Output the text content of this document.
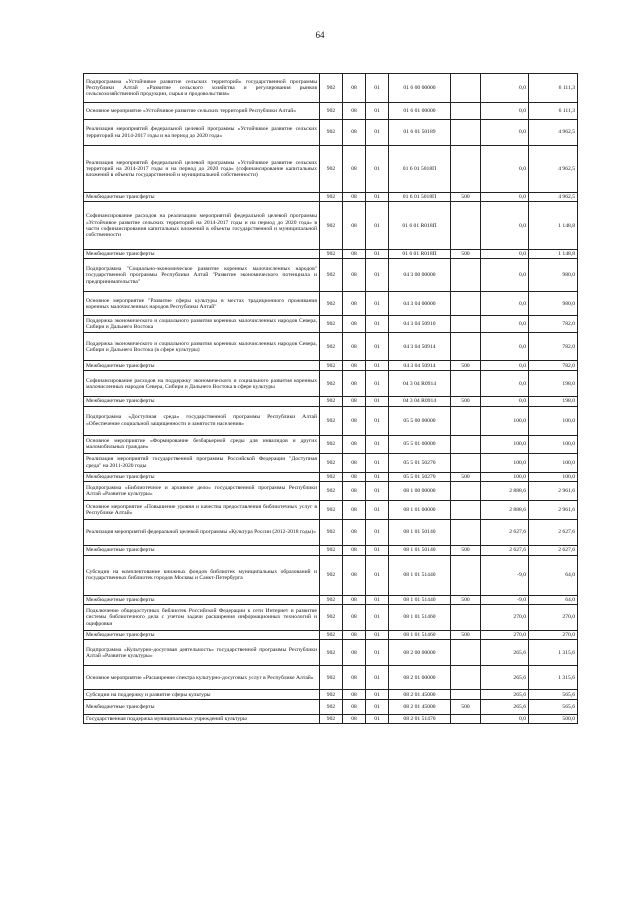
64
Подпрограмма «Устойчивое развитие сельских территорий» государственной программы Республики Алтай «Развитие сельского хозяйства и регулирования рынков сельскохозяйственной продукции, сырья и продовольствия»	902	08	01	01 6 00 00000		0,0	6 111,3
Основное мероприятие «Устойчивое развитие сельских территорий Республики Алтай»	902	08	01	01 6 01 00000		0,0	6 111,3
Реализация мероприятий федеральной целевой программы «Устойчивое развитие сельских территорий на 2014-2017 годы и на период до 2020 года»	902	08	01	01 6 01 50189		0,0	4 962,5
Реализация мероприятий федеральной целевой программы «Устойчивое развитие сельских территорий на 2014-2017 годы и на период до 2020 года» (софинансирование капитальных вложений в объекты государственной и муниципальной собственности)	902	08	01	01 6 01 5018П		0,0	4 962,5
Межбюджетные трансферты	902	08	01	01 6 01 5018П	500	0,0	4 962,5
Софинансирование расходов на реализацию мероприятий федеральной целевой программы «Устойчивое развитие сельских территорий на 2014-2017 годы и на период до 2020 года» в части софинансирования капитальных вложений в объекты государственной и муниципальной собственности	902	08	01	01 6 01 R018П		0,0	1 148,8
Межбюджетные трансферты	902	08	01	01 6 01 R018П	500	0,0	1 148,8
Подпрограмма "Социально-экономическое развитие коренных малочисленных народов" государственной программы Республики Алтай "Развитие экономического потенциала и предпринимательства"	902	08	01	04 3 00 00000		0,0	980,0
Основное мероприятие "Развитие сферы культуры в местах традиционного проживания коренных малочисленных народов Республики Алтай"	902	08	01	04 3 04 00000		0,0	980,0
Поддержка экономического и социального развития коренных малочисленных народов Севера, Сибири и Дальнего Востока	902	08	01	04 3 04 50910		0,0	782,0
Поддержка экономического и социального развития коренных малочисленных народов Севера, Сибири и Дальнего Востока (в сфере культуры)	902	08	01	04 3 04 50914		0,0	782,0
Межбюджетные трансферты	902	08	01	04 3 04 50914	500	0,0	782,0
Софинансирование расходов на поддержку экономического и социального развития коренных малочисленных народов Севера, Сибири и Дальнего Востока в сфере культуры	902	08	01	04 3 04 R0914		0,0	198,0
Межбюджетные трансферты	902	08	01	04 3 04 R0914	500	0,0	198,0
Подпрограмма «Доступная среда» государственной программы Республики Алтай «Обеспечение социальной защищенности и занятости населения»	902	08	01	05 5 00 00000		100,0	100,0
Основное мероприятие «Формирование безбарьерной среды для инвалидов и других маломобильных граждан»	902	08	01	05 5 01 00000		100,0	100,0
Реализация мероприятий государственной программы Российской Федерации "Доступная среда" на 2011-2020 годы	902	08	01	05 5 01 50270		100,0	100,0
Межбюджетные трансферты	902	08	01	05 5 01 50270	500	100,0	100,0
Подпрограмма «Библиотечное и архивное дело» государственной программы Республики Алтай «Развитие культуры»	902	08	01	08 1 00 00000		2 888,6	2 961,6
Основное мероприятие «Повышение уровня и качества предоставления библиотечных услуг в Республике Алтай»	902	08	01	08 1 01 00000		2 888,6	2 961,6
Реализация мероприятий федеральной целевой программы «Культура России (2012-2018 годы)»	902	08	01	08 1 01 50140		2 627,6	2 627,6
Межбюджетные трансферты	902	08	01	08 1 01 50140	500	2 627,6	2 627,6
Субсидии на комплектование книжных фондов библиотек муниципальных образований и государственных библиотек городов Москвы и Санкт-Петербурга	902	08	01	08 1 01 51440		-9,0	64,0
Межбюджетные трансферты	902	08	01	08 1 01 51440	500	-9,0	64,0
Подключение общедоступных библиотек Российской Федерации к сети Интернет и развитие системы библиотечного дела с учетом задачи расширения информационных технологий и оцифровки	902	08	01	08 1 01 51460		270,0	270,0
Межбюджетные трансферты	902	08	01	08 1 01 51460	500	270,0	270,0
Подпрограмма «Культурно-досуговая деятельность» государственной программы Республики Алтай «Развитие культуры»	902	08	01	08 2 00 00000		265,6	1 315,6
Основное мероприятие «Расширение спектра культурно-досуговых услуг в Республике Алтай»	902	08	01	08 2 01 00000		265,6	1 315,6
Субсидии на поддержку и развитие сферы культуры	902	08	01	08 2 01 45000		265,6	565,6
Межбюджетные трансферты	902	08	01	08 2 01 45000	500	265,6	565,6
Государственная поддержка муниципальных учреждений культуры	902	08	01	08 2 01 51470		0,0	500,0
